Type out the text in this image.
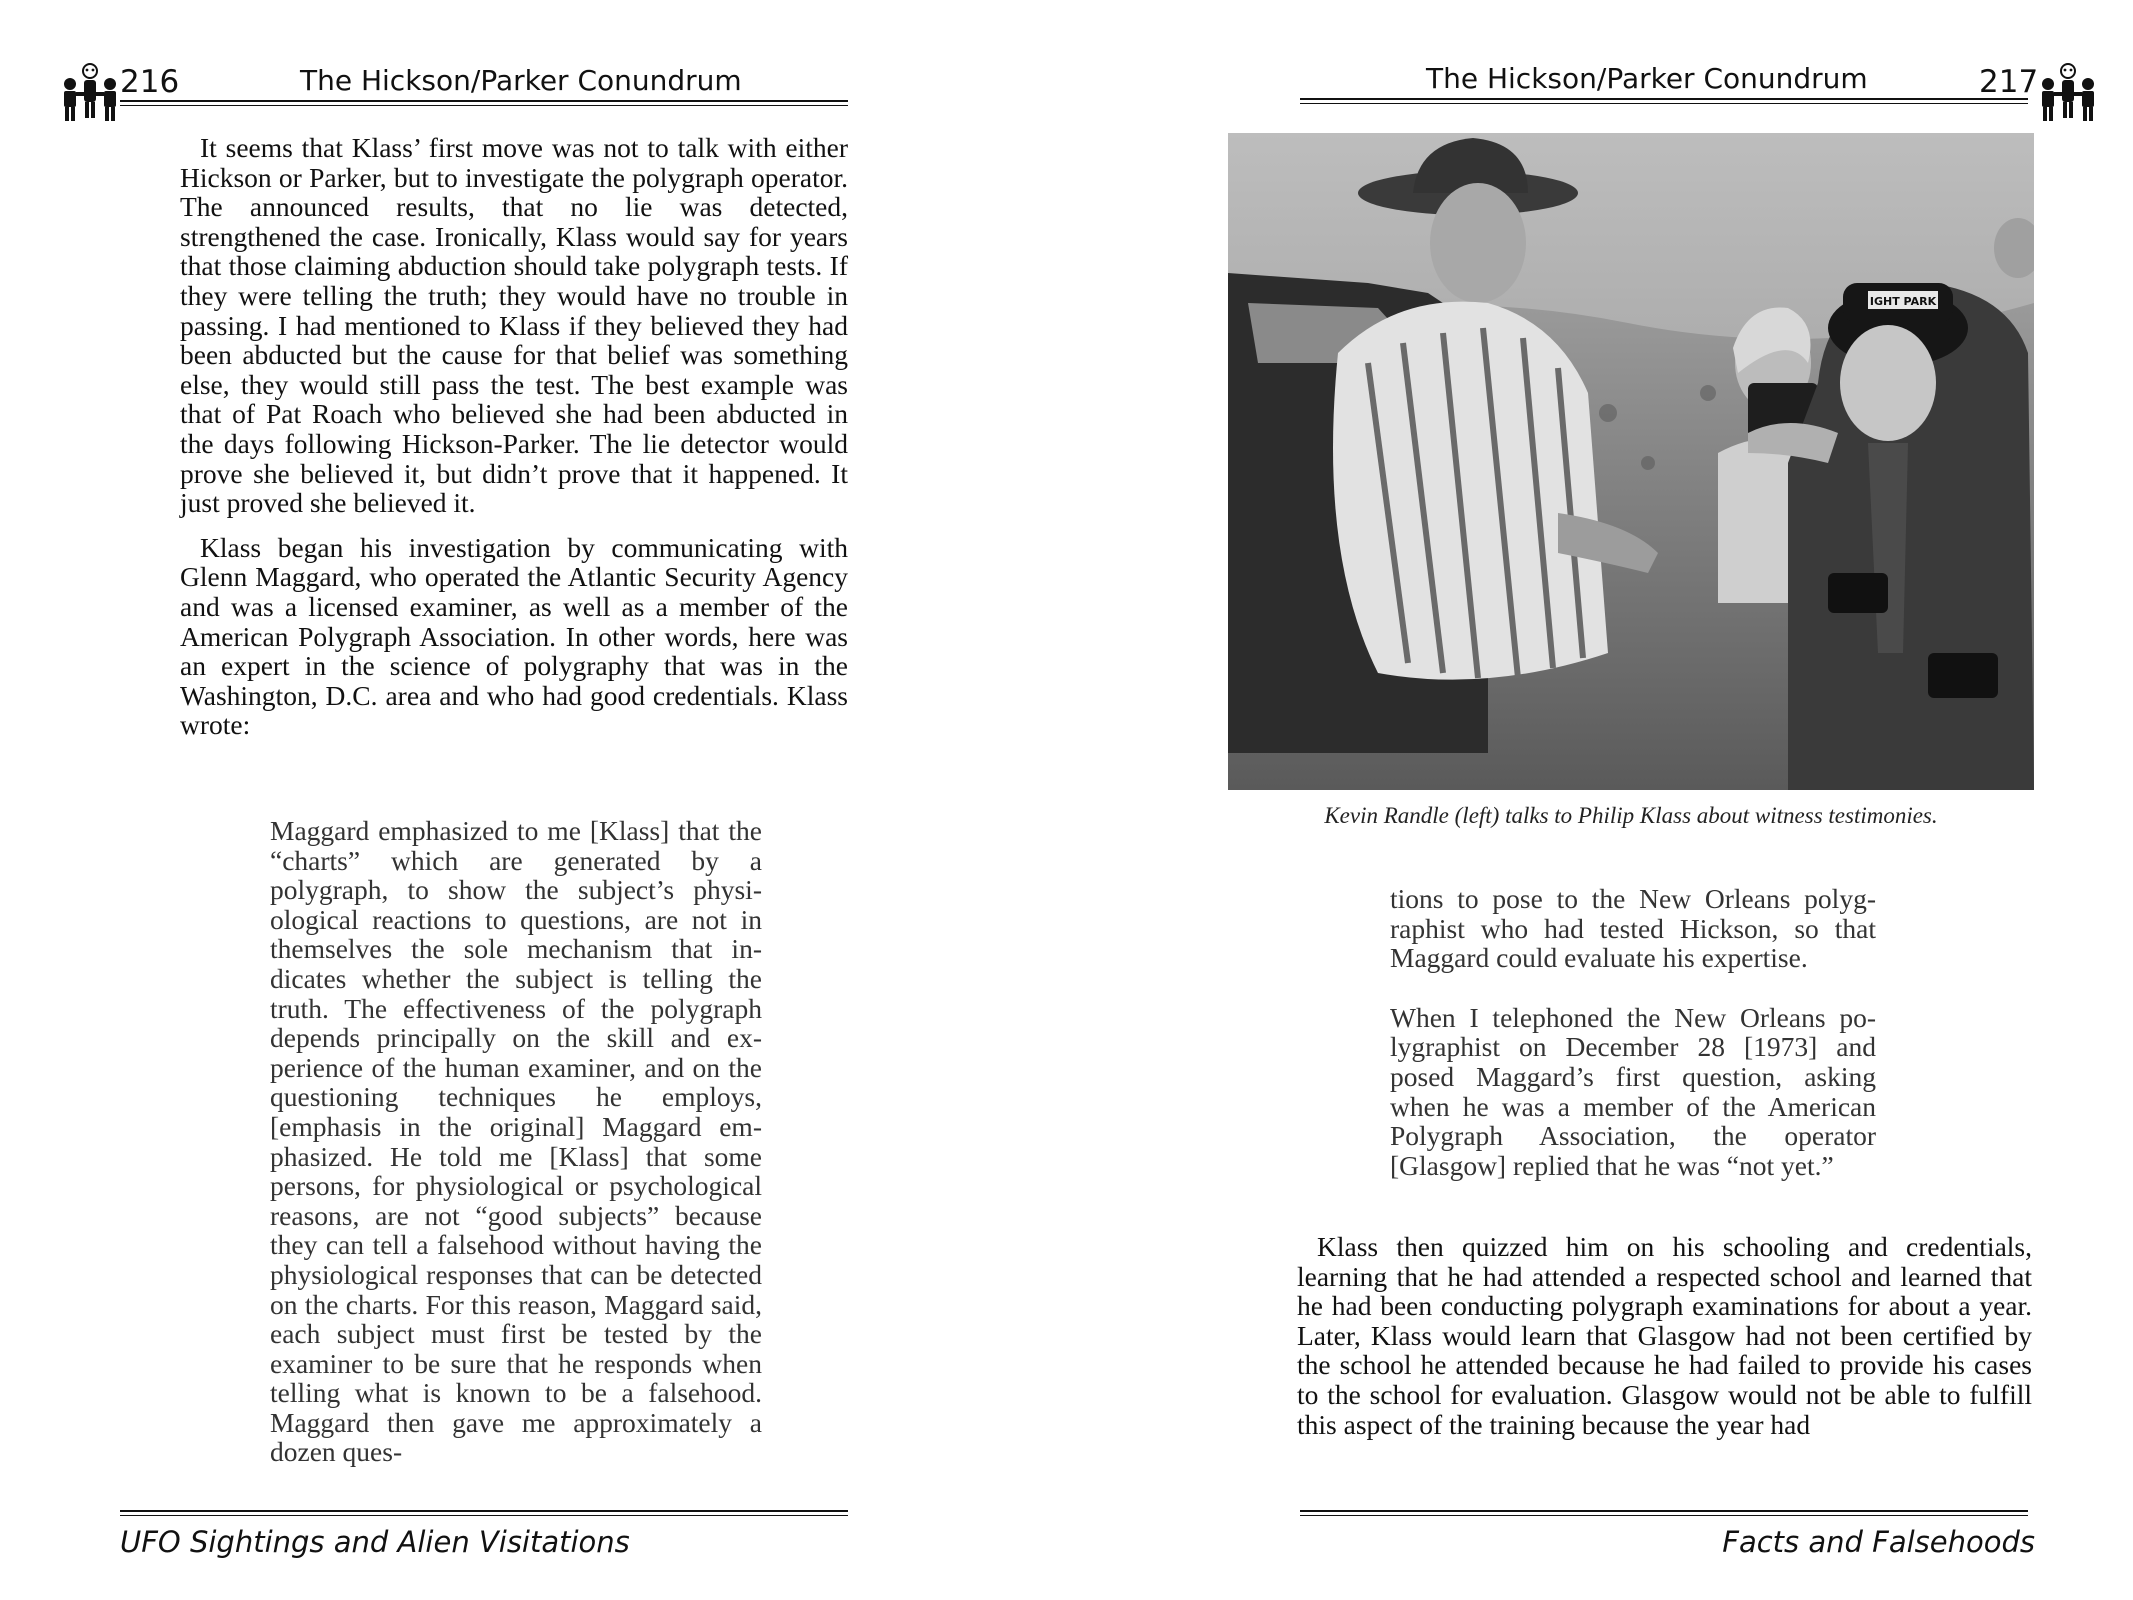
216	The Hickson/Parker Conundrum

It seems that Klass’ first move was not to talk with either Hickson or Parker, but to investigate the polygraph operator. The announced results, that no lie was detected, strengthened the case. Ironically, Klass would say for years that those claiming abduction should take polygraph tests. If they were telling the truth; they would have no trouble in passing. I had mentioned to Klass if they believed they had been abducted but the cause for that belief was something else, they would still pass the test. The best example was that of Pat Roach who believed she had been abducted in the days following Hickson-Parker. The lie detector would prove she believed it, but didn’t prove that it happened. It just proved she believed it.

Klass began his investigation by communicating with Glenn Maggard, who operated the Atlantic Security Agency and was a licensed examiner, as well as a member of the American Polygraph Association. In other words, here was an expert in the science of polygraphy that was in the Washington, D.C. area and who had good credentials. Klass wrote:

Maggard emphasized to me [Klass] that the “charts” which are generated by a polygraph, to show the subject’s physiological reactions to questions, are not in themselves the sole mechanism that indicates whether the subject is telling the truth. The effectiveness of the polygraph depends principally on the skill and experience of the human examiner, and on the questioning techniques he employs, [emphasis in the original] Maggard emphasized. He told me [Klass] that some persons, for physiological or psychological reasons, are not “good subjects” because they can tell a falsehood without having the physiological responses that can be detected on the charts. For this reason, Maggard said, each subject must first be tested by the examiner to be sure that he responds when telling what is known to be a falsehood. Maggard then gave me approximately a dozen ques-

UFO Sightings and Alien Visitations
The Hickson/Parker Conundrum	217
IGHT PARK
Kevin Randle (left) talks to Philip Klass about witness testimonies.

tions to pose to the New Orleans polygraphist who had tested Hickson, so that Maggard could evaluate his expertise.

When I telephoned the New Orleans polygraphist on December 28 [1973] and posed Maggard’s first question, asking when he was a member of the American Polygraph Association, the operator [Glasgow] replied that he was “not yet.”

Klass then quizzed him on his schooling and credentials, learning that he had attended a respected school and learned that he had been conducting polygraph examinations for about a year. Later, Klass would learn that Glasgow had not been certified by the school he attended because he had failed to provide his cases to the school for evaluation. Glasgow would not be able to fulfill this aspect of the training because the year had

Facts and Falsehoods
